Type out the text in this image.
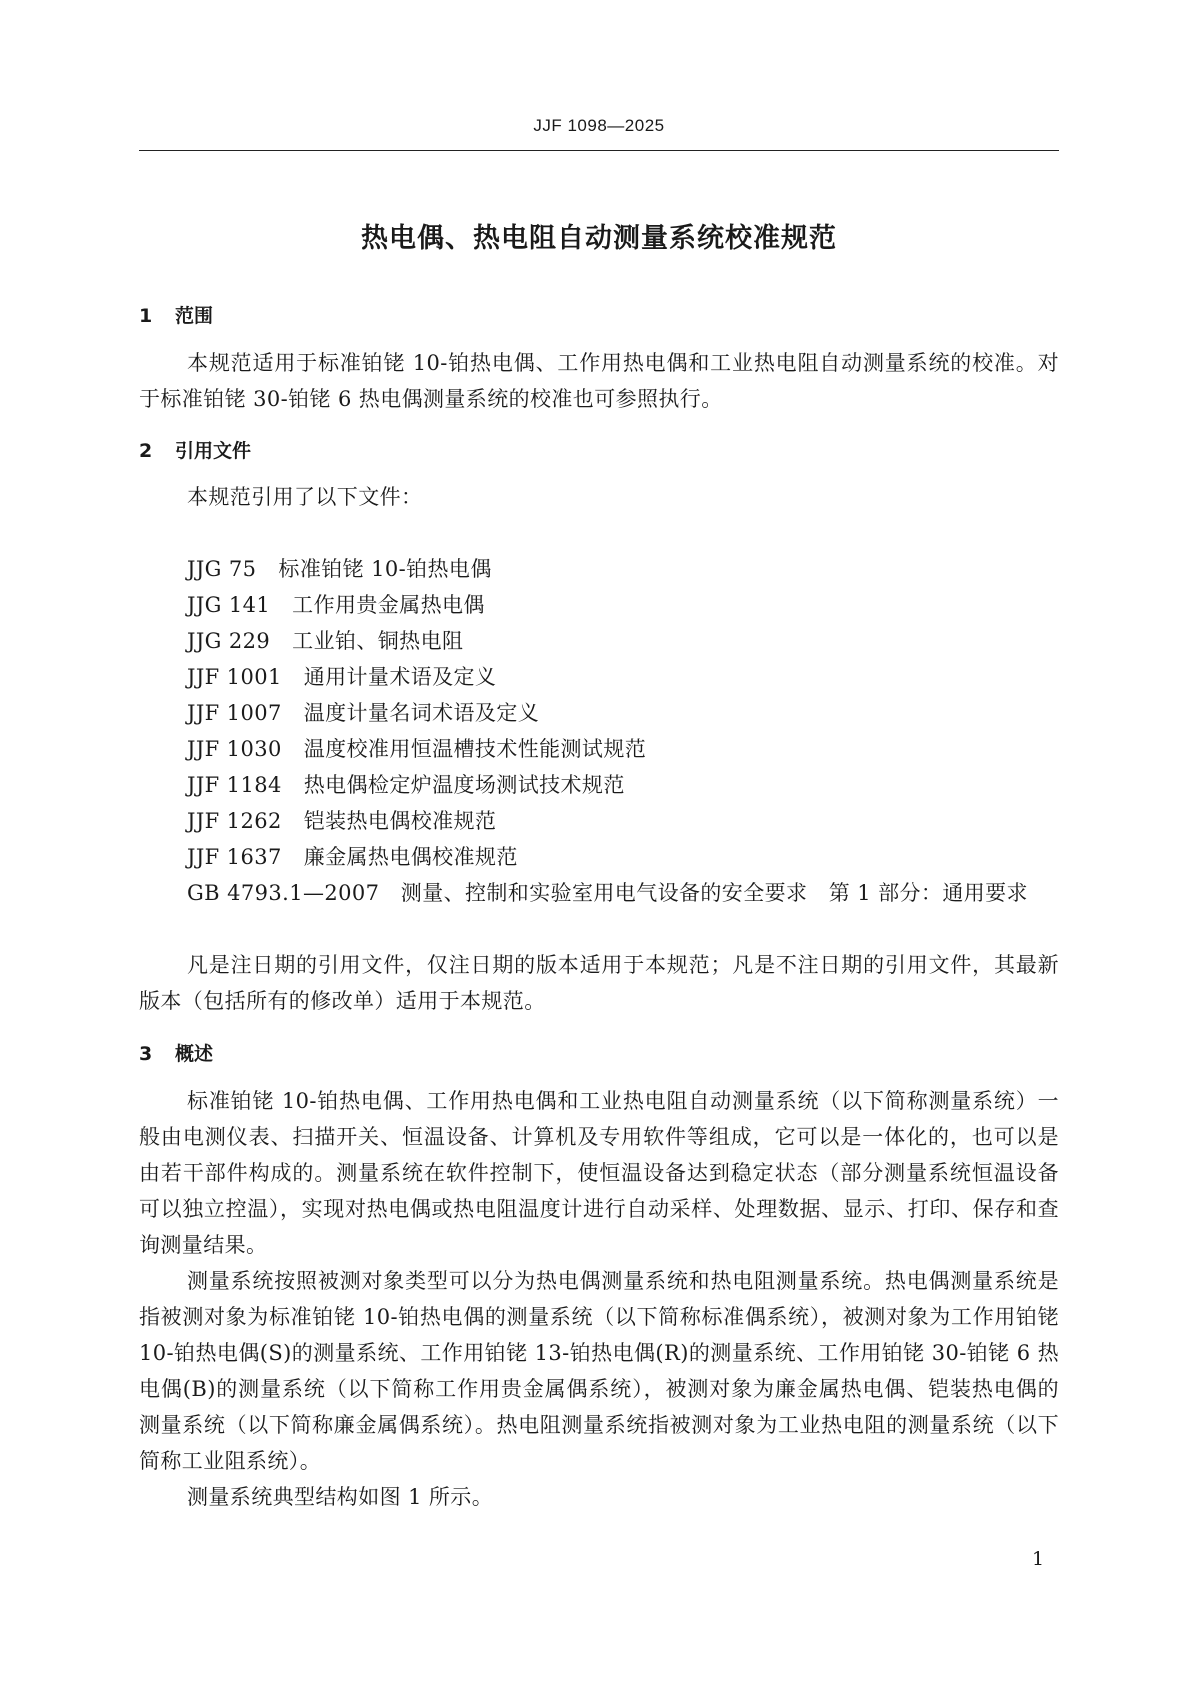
JJF 1098—2025
热电偶、热电阻自动测量系统校准规范
1 范围

本规范适用于标准铂铑 10-铂热电偶、工作用热电偶和工业热电阻自动测量系统的校准。对于标准铂铑 30-铂铑 6 热电偶测量系统的校准也可参照执行。

2 引用文件

本规范引用了以下文件：

JJG 75 标准铂铑 10-铂热电偶
JJG 141 工作用贵金属热电偶
JJG 229 工业铂、铜热电阻
JJF 1001 通用计量术语及定义
JJF 1007 温度计量名词术语及定义
JJF 1030 温度校准用恒温槽技术性能测试规范
JJF 1184 热电偶检定炉温度场测试技术规范
JJF 1262 铠装热电偶校准规范
JJF 1637 廉金属热电偶校准规范

GB 4793.1—2007　测量、控制和实验室用电气设备的安全要求　第 1 部分：通用要求

凡是注日期的引用文件，仅注日期的版本适用于本规范；凡是不注日期的引用文件，其最新版本（包括所有的修改单）适用于本规范。

3 概述

标准铂铑 10-铂热电偶、工作用热电偶和工业热电阻自动测量系统（以下简称测量系统）一般由电测仪表、扫描开关、恒温设备、计算机及专用软件等组成，它可以是一体化的，也可以是由若干部件构成的。测量系统在软件控制下，使恒温设备达到稳定状态（部分测量系统恒温设备可以独立控温），实现对热电偶或热电阻温度计进行自动采样、处理数据、显示、打印、保存和查询测量结果。

测量系统按照被测对象类型可以分为热电偶测量系统和热电阻测量系统。热电偶测量系统是指被测对象为标准铂铑 10-铂热电偶的测量系统（以下简称标准偶系统），被测对象为工作用铂铑 10-铂热电偶(S)的测量系统、工作用铂铑 13-铂热电偶(R)的测量系统、工作用铂铑 30-铂铑 6 热电偶(B)的测量系统（以下简称工作用贵金属偶系统），被测对象为廉金属热电偶、铠装热电偶的测量系统（以下简称廉金属偶系统）。热电阻测量系统指被测对象为工业热电阻的测量系统（以下简称工业阻系统）。

测量系统典型结构如图 1 所示。

1
